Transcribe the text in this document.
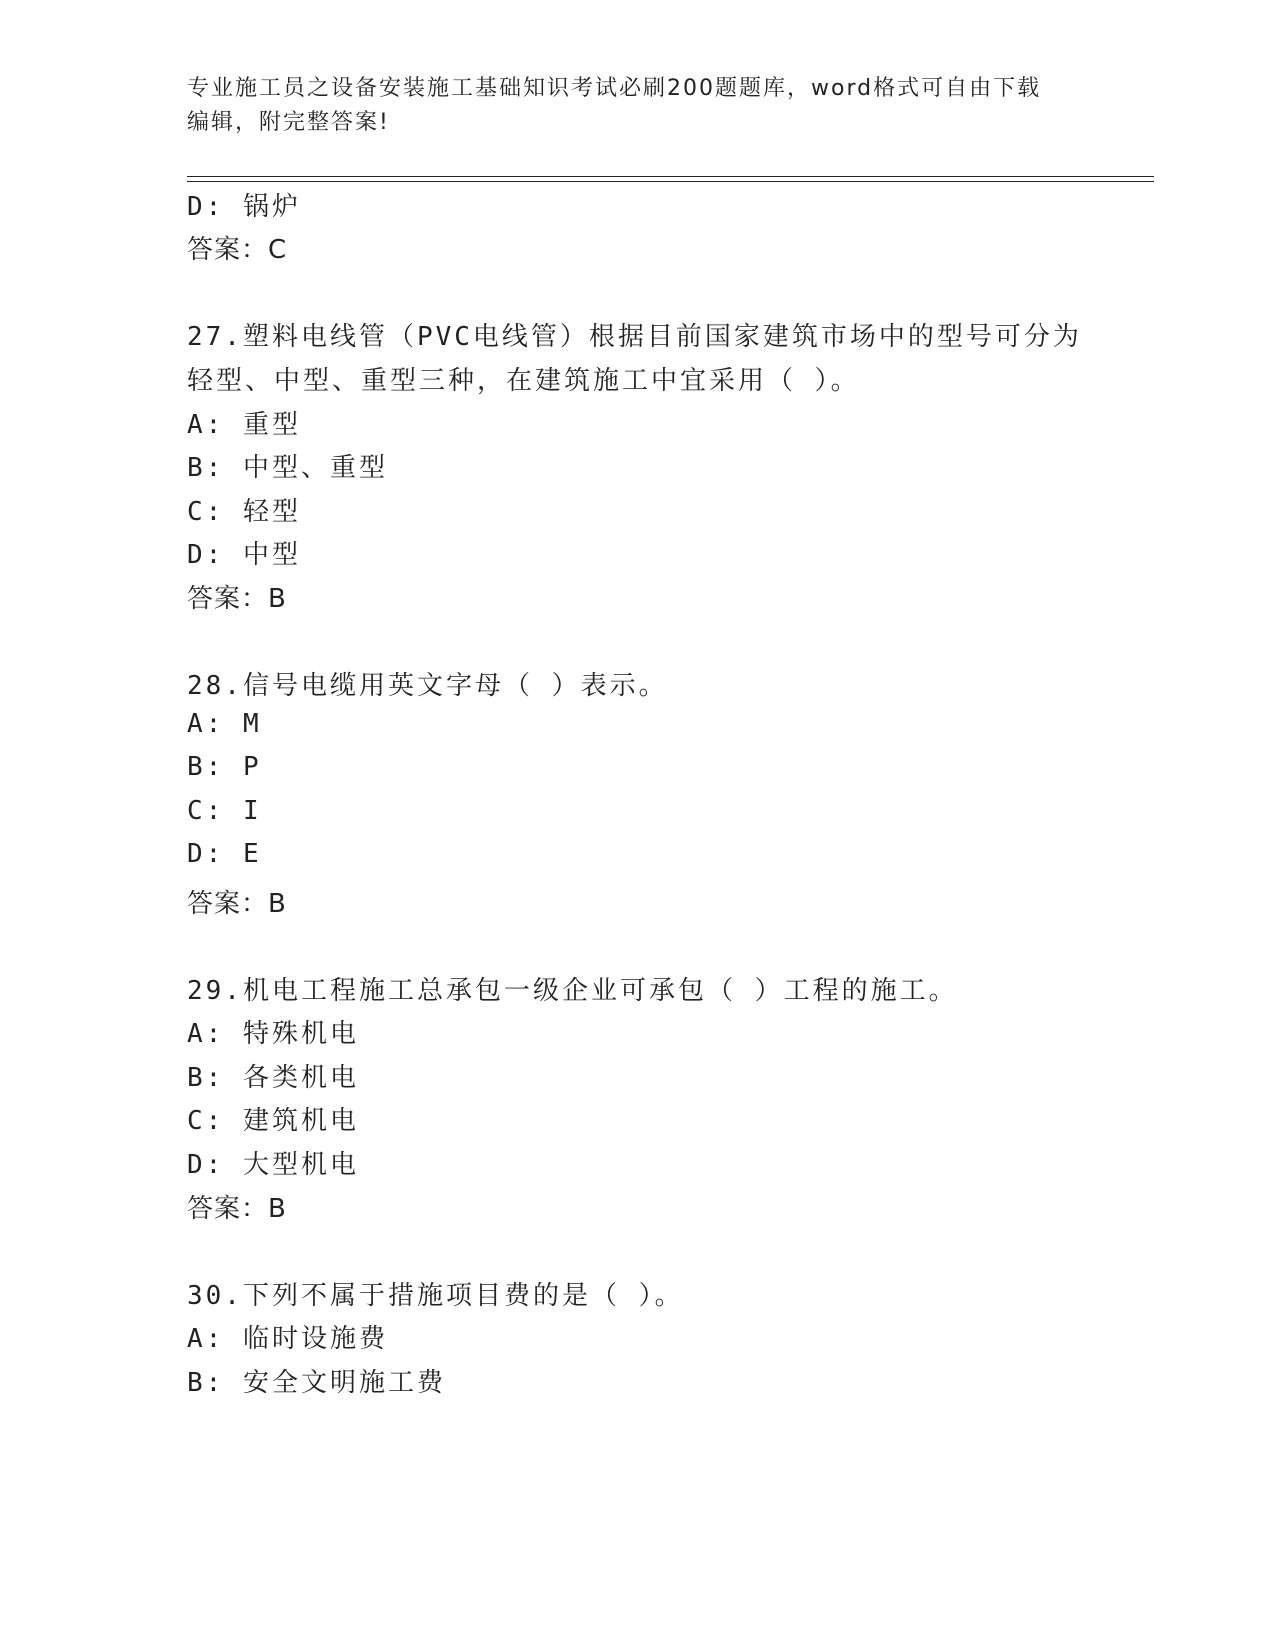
专业施工员之设备安装施工基础知识考试必刷200题题库，word格式可自由下载
编辑，附完整答案!
D: 锅炉
答案：C
27.塑料电线管（PVC电线管）根据目前国家建筑市场中的型号可分为
轻型、中型、重型三种，在建筑施工中宜采用（ ）。
A: 重型
B: 中型、重型
C: 轻型
D: 中型
答案：B
28.信号电缆用英文字母（ ）表示。
A: M
B: P
C: I
D: E
答案：B
29.机电工程施工总承包一级企业可承包（ ）工程的施工。
A: 特殊机电
B: 各类机电
C: 建筑机电
D: 大型机电
答案：B
30.下列不属于措施项目费的是（ ）。
A: 临时设施费
B: 安全文明施工费
